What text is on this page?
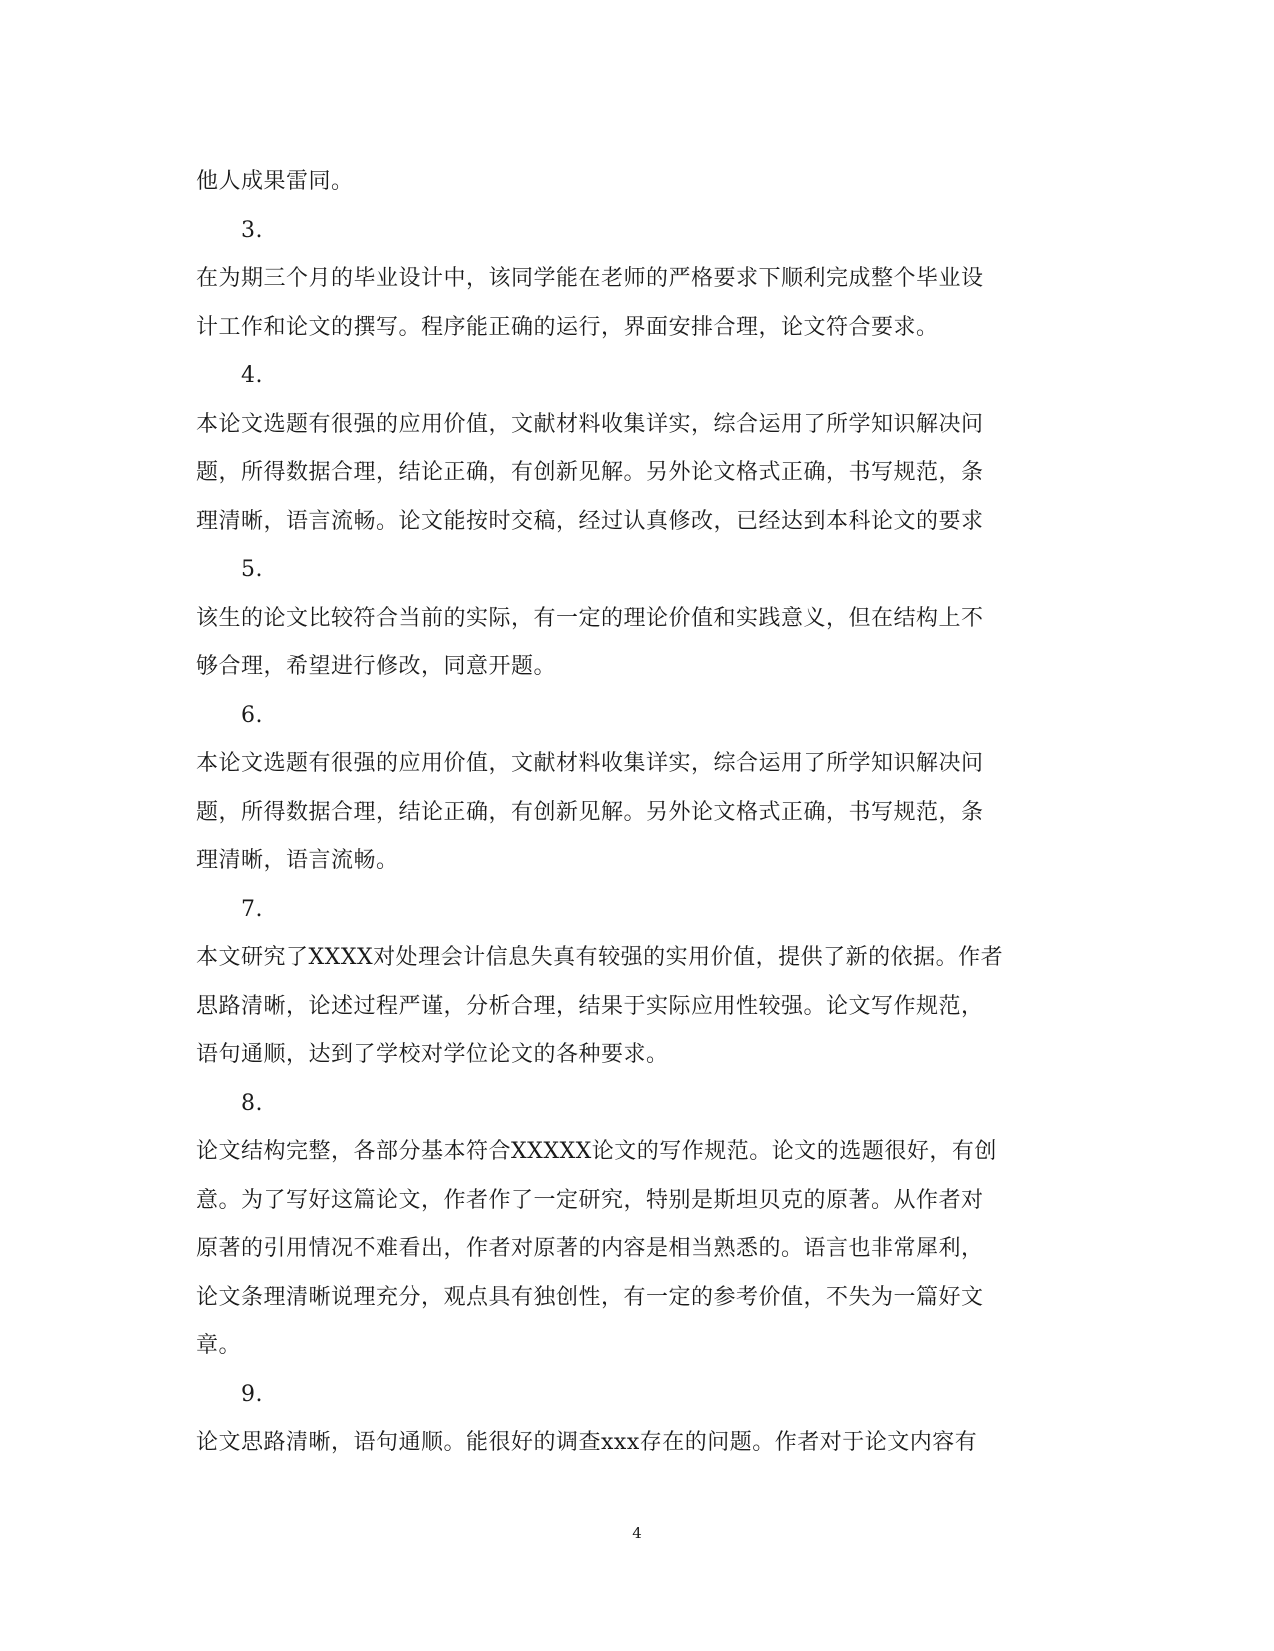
他人成果雷同。
3.
在为期三个月的毕业设计中，该同学能在老师的严格要求下顺利完成整个毕业设
计工作和论文的撰写。程序能正确的运行，界面安排合理，论文符合要求。
4.
本论文选题有很强的应用价值，文献材料收集详实，综合运用了所学知识解决问
题，所得数据合理，结论正确，有创新见解。另外论文格式正确，书写规范，条
理清晰，语言流畅。论文能按时交稿，经过认真修改，已经达到本科论文的要求
5.
该生的论文比较符合当前的实际，有一定的理论价值和实践意义，但在结构上不
够合理，希望进行修改，同意开题。
6.
本论文选题有很强的应用价值，文献材料收集详实，综合运用了所学知识解决问
题，所得数据合理，结论正确，有创新见解。另外论文格式正确，书写规范，条
理清晰，语言流畅。
7.
本文研究了XXXX对处理会计信息失真有较强的实用价值，提供了新的依据。作者
思路清晰，论述过程严谨，分析合理，结果于实际应用性较强。论文写作规范，
语句通顺，达到了学校对学位论文的各种要求。
8.
论文结构完整，各部分基本符合XXXXX论文的写作规范。论文的选题很好，有创
意。为了写好这篇论文，作者作了一定研究，特别是斯坦贝克的原著。从作者对
原著的引用情况不难看出，作者对原著的内容是相当熟悉的。语言也非常犀利，
论文条理清晰说理充分，观点具有独创性，有一定的参考价值，不失为一篇好文
章。
9.
论文思路清晰，语句通顺。能很好的调查xxx存在的问题。作者对于论文内容有
4
